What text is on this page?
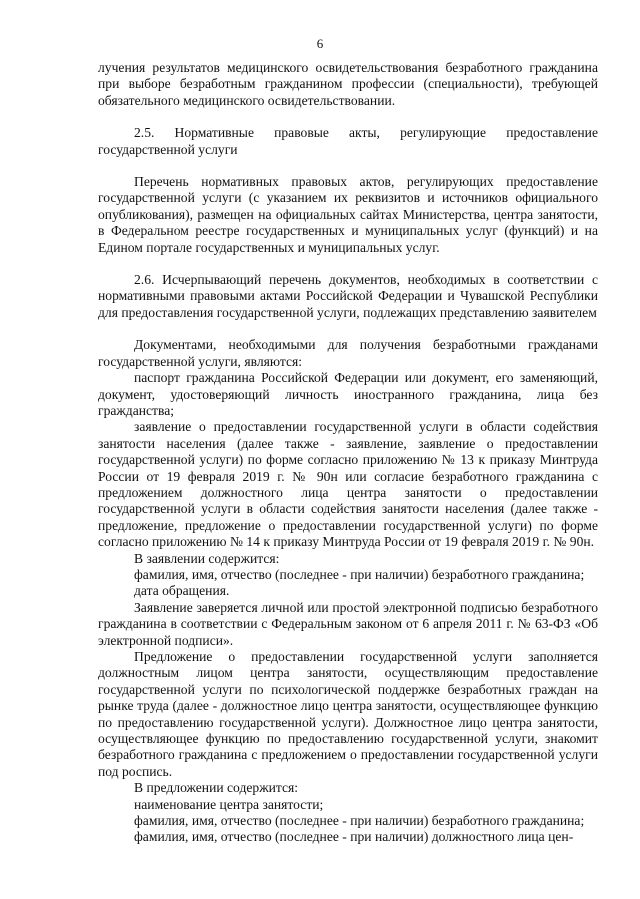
6

лучения результатов медицинского освидетельствования безработного гражданина при выборе безработным гражданином профессии (специальности), требующей обязательного медицинского освидетельствовании.

2.5. Нормативные правовые акты, регулирующие предоставление государственной услуги

Перечень нормативных правовых актов, регулирующих предоставление государственной услуги (с указанием их реквизитов и источников официального опубликования), размещен на официальных сайтах Министерства, центра занятости, в Федеральном реестре государственных и муниципальных услуг (функций) и на Едином портале государственных и муниципальных услуг.

2.6. Исчерпывающий перечень документов, необходимых в соответствии с нормативными правовыми актами Российской Федерации и Чувашской Республики для предоставления государственной услуги, подлежащих представлению заявителем

Документами, необходимыми для получения безработными гражданами государственной услуги, являются:

паспорт гражданина Российской Федерации или документ, его заменяющий, документ, удостоверяющий личность иностранного гражданина, лица без гражданства;

заявление о предоставлении государственной услуги в области содействия занятости населения (далее также - заявление, заявление о предоставлении государственной услуги) по форме согласно приложению № 13 к приказу Минтруда России от 19 февраля 2019 г. № 90н или согласие безработного гражданина с предложением должностного лица центра занятости о предоставлении государственной услуги в области содействия занятости населения (далее также - предложение, предложение о предоставлении государственной услуги) по форме согласно приложению № 14 к приказу Минтруда России от 19 февраля 2019 г. № 90н.

В заявлении содержится:

фамилия, имя, отчество (последнее - при наличии) безработного гражданина;

дата обращения.

Заявление заверяется личной или простой электронной подписью безработного гражданина в соответствии с Федеральным законом от 6 апреля 2011 г. № 63-ФЗ «Об электронной подписи».

Предложение о предоставлении государственной услуги заполняется должностным лицом центра занятости, осуществляющим предоставление государственной услуги по психологической поддержке безработных граждан на рынке труда (далее - должностное лицо центра занятости, осуществляющее функцию по предоставлению государственной услуги). Должностное лицо центра занятости, осуществляющее функцию по предоставлению государственной услуги, знакомит безработного гражданина с предложением о предоставлении государственной услуги под роспись.

В предложении содержится:

наименование центра занятости;

фамилия, имя, отчество (последнее - при наличии) безработного гражданина;

фамилия, имя, отчество (последнее - при наличии) должностного лица цен-
